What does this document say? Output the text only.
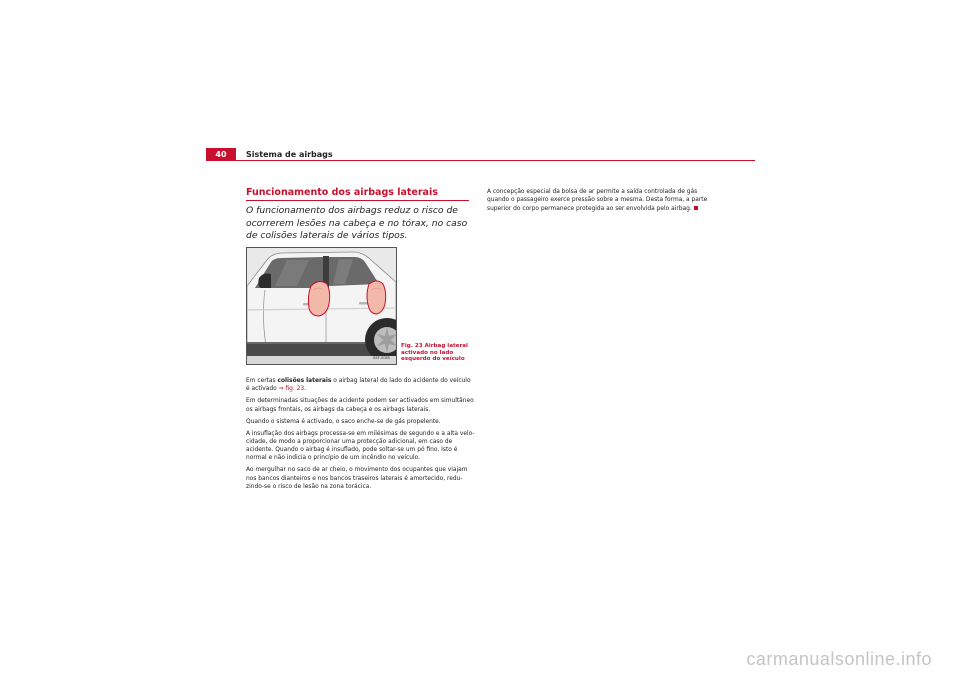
40	Sistema de airbags
Funcionamento dos airbags laterais

O funcionamento dos airbags reduz o risco de ocorrerem lesões na cabeça e no tórax, no caso de colisões laterais de vários tipos.

B5F-0085
Fig. 23 Airbag lateral activado no lado esquerdo do veículo

Em certas colisões laterais o airbag lateral do lado do acidente do veículo é activado ⇒ fig. 23.

Em determinadas situações de acidente podem ser activados em simultâneo os airbags frontais, os airbags da cabeça e os airbags laterais.

Quando o sistema é activado, o saco enche-se de gás propelente.

A insuflação dos airbags processa-se em milésimas de segundo e a alta velo-cidade, de modo a proporcionar uma protecção adicional, em caso de acidente. Quando o airbag é insuflado, pode soltar-se um pó fino. Isto é normal e não indicia o princípio de um incêndio no veículo.

Ao mergulhar no saco de ar cheio, o movimento dos ocupantes que viajam nos bancos dianteiros e nos bancos traseiros laterais é amortecido, redu-zindo-se o risco de lesão na zona torácica.

A concepção especial da bolsa de ar permite a saída controlada de gás quando o passageiro exerce pressão sobre a mesma. Desta forma, a parte superior do corpo permanece protegida ao ser envolvida pelo airbag.

carmanualsonline.info
